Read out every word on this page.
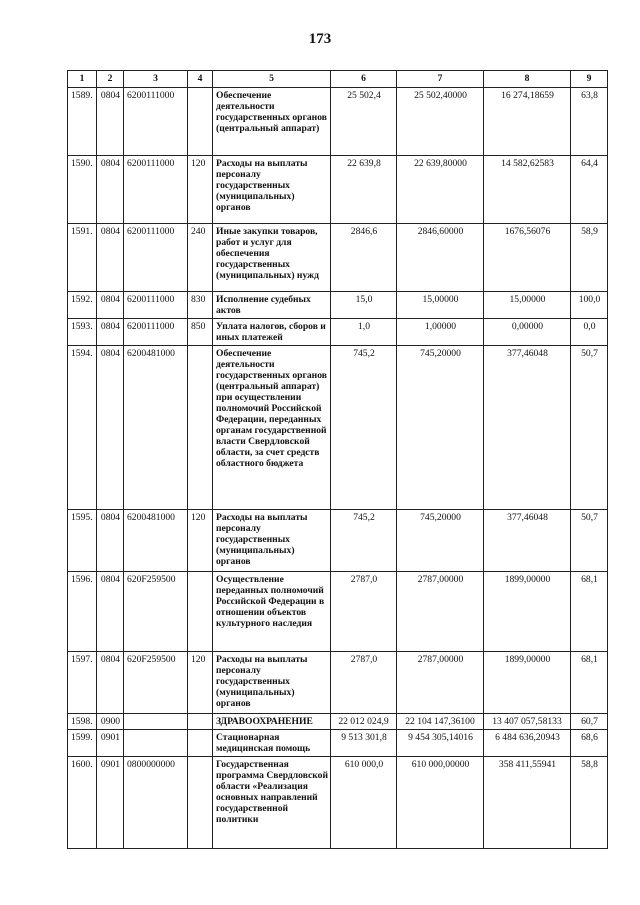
173
1	2	3	4	5	6	7	8	9
1589.	0804	6200111000		Обеспечение деятельности государственных органов (центральный аппарат)	25 502,4	25 502,40000	16 274,18659	63,8
1590.	0804	6200111000	120	Расходы на выплаты персоналу государственных (муниципальных) органов	22 639,8	22 639,80000	14 582,62583	64,4
1591.	0804	6200111000	240	Иные закупки товаров, работ и услуг для обеспечения государственных (муниципальных) нужд	2846,6	2846,60000	1676,56076	58,9
1592.	0804	6200111000	830	Исполнение судебных актов	15,0	15,00000	15,00000	100,0
1593.	0804	6200111000	850	Уплата налогов, сборов и иных платежей	1,0	1,00000	0,00000	0,0
1594.	0804	6200481000		Обеспечение деятельности государственных органов (центральный аппарат) при осуществлении полномочий Российской Федерации, переданных органам государственной власти Свердловской области, за счет средств областного бюджета	745,2	745,20000	377,46048	50,7
1595.	0804	6200481000	120	Расходы на выплаты персоналу государственных (муниципальных) органов	745,2	745,20000	377,46048	50,7
1596.	0804	620F259500		Осуществление переданных полномочий Российской Федерации в отношении объектов культурного наследия	2787,0	2787,00000	1899,00000	68,1
1597.	0804	620F259500	120	Расходы на выплаты персоналу государственных (муниципальных) органов	2787,0	2787,00000	1899,00000	68,1
1598.	0900			ЗДРАВООХРАНЕНИЕ	22 012 024,9	22 104 147,36100	13 407 057,58133	60,7
1599.	0901			Стационарная медицинская помощь	9 513 301,8	9 454 305,14016	6 484 636,20943	68,6
1600.	0901	0800000000		Государственная программа Свердловской области «Реализация основных направлений государственной политики	610 000,0	610 000,00000	358 411,55941	58,8
